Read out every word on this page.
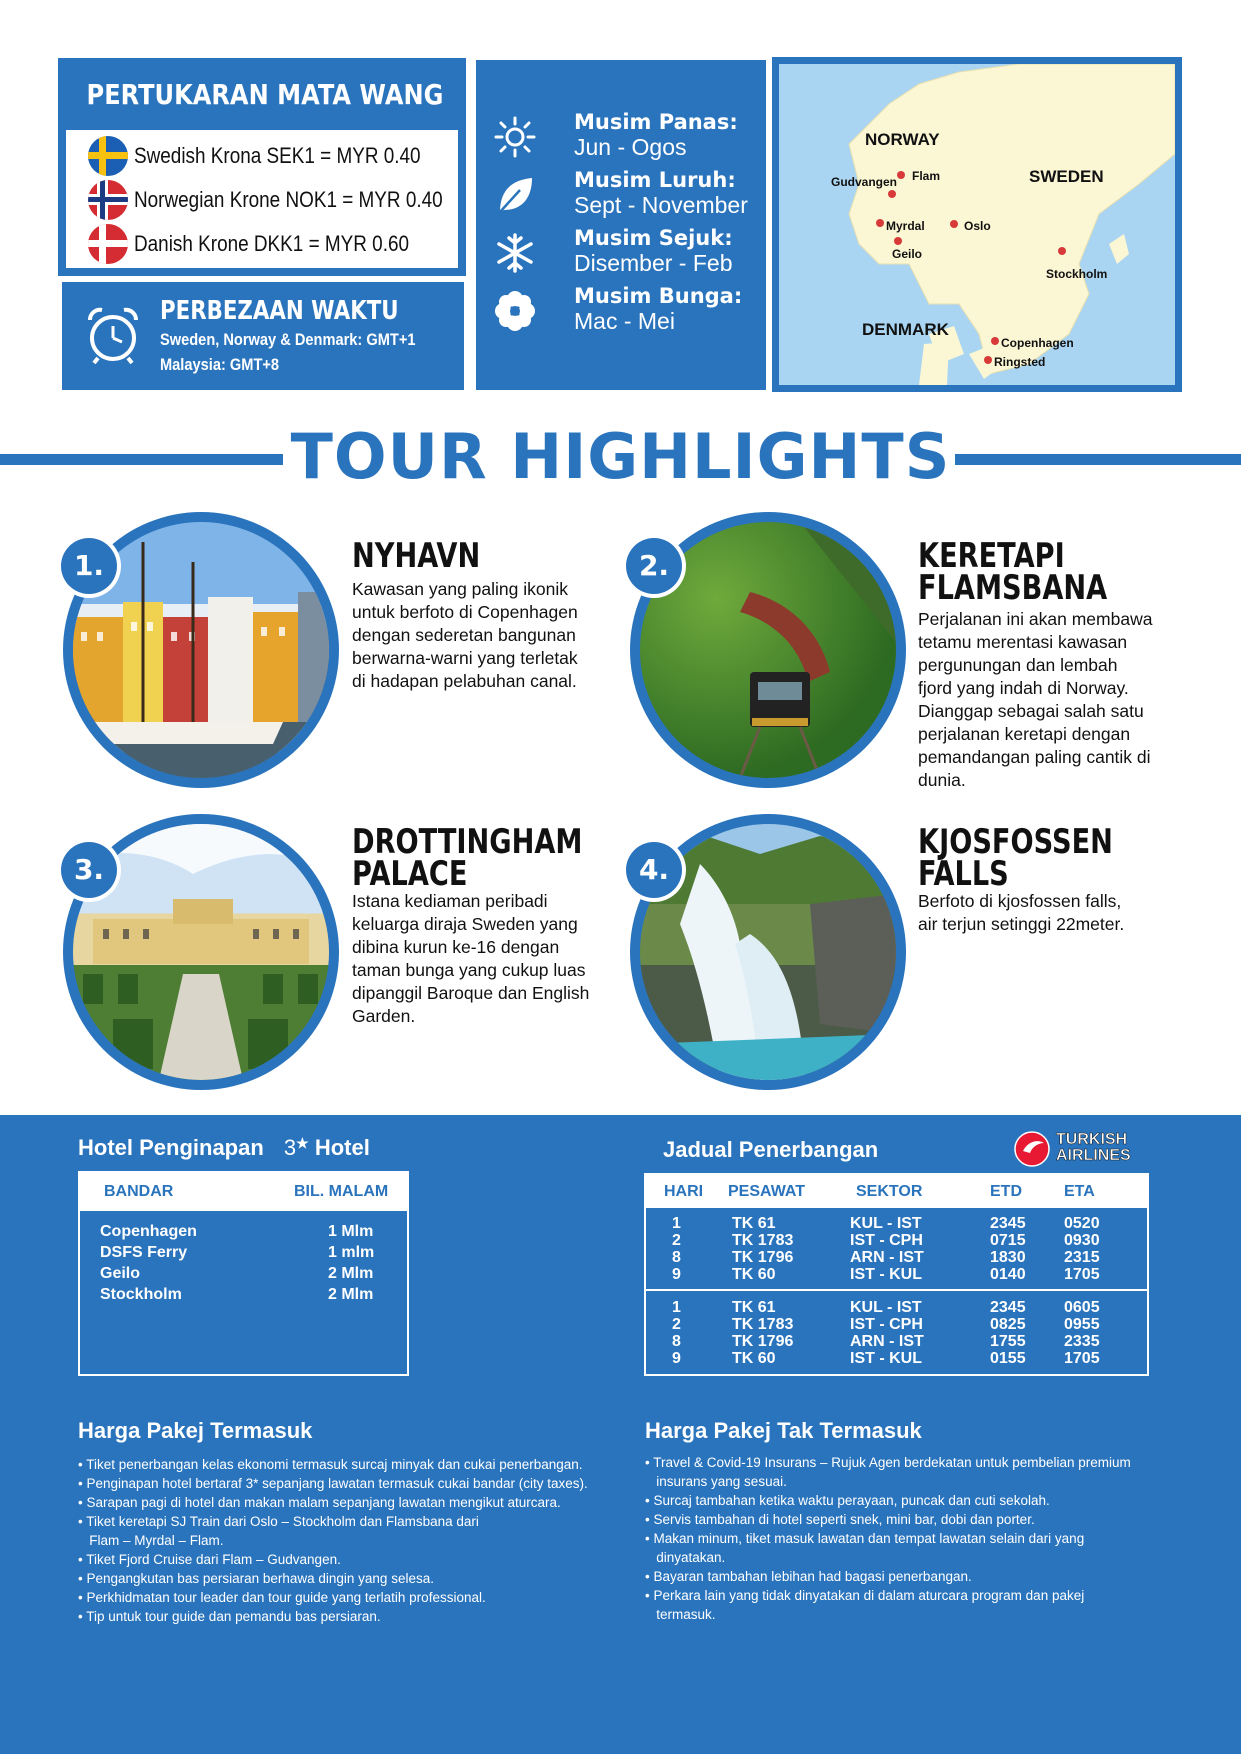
PERTUKARAN MATA WANG
Swedish Krona SEK1 = MYR 0.40
Norwegian Krone NOK1 = MYR 0.40
Danish Krone DKK1 = MYR 0.60
PERBEZAAN WAKTU
Sweden, Norway & Denmark: GMT+1
Malaysia: GMT+8
Musim Panas:
Jun - Ogos
Musim Luruh:
Sept - November
Musim Sejuk:
Disember - Feb
Musim Bunga:
Mac - Mei
NORWAY
SWEDEN
DENMARK
Gudvangen Flam
Myrdal	Oslo
Geilo
Stockholm
Copenhagen
Ringsted
TOUR HIGHLIGHTS
1.	NYHAVN
Kawasan yang paling ikonik
untuk berfoto di Copenhagen
dengan sederetan bangunan
berwarna-warni yang terletak
di hadapan pelabuhan canal.
2.	KERETAPI FLAMSBANA
Perjalanan ini akan membawa
tetamu merentasi kawasan
pergunungan dan lembah
fjord yang indah di Norway.
Dianggap sebagai salah satu
perjalanan keretapi dengan
pemandangan paling cantik di
dunia.
3.
DROTTINGHAM PALACE
Istana kediaman peribadi
keluarga diraja Sweden yang
dibina kurun ke-16 dengan
taman bunga yang cukup luas
dipanggil Baroque dan English
Garden.
4.
KJOSFOSSEN FALLS
Berfoto di kjosfossen falls,
air terjun setinggi 22meter.
Hotel Penginapan 3★ Hotel
BANDAR	BIL. MALAM
Copenhagen	1 Mlm
DSFS Ferry	1 mlm
Geilo	2 Mlm
Stockholm	2 Mlm
Jadual Penerbangan	TURKISH
AIRLINES
HARI PESAWAT	SEKTOR	ETD	ETA
1	TK 61	KUL - IST	2345 0520
2	TK 1783	IST - CPH	0715 0930
8	TK 1796	ARN - IST	1830 2315
9	TK 60	IST - KUL	0140 1705
1	TK 61	KUL - IST	2345 0605
2	TK 1783	IST - CPH	0825 0955
8	TK 1796	ARN - IST	1755 2335
9	TK 60	IST - KUL	0155 1705
Harga Pakej Termasuk
• Tiket penerbangan kelas ekonomi termasuk surcaj minyak dan cukai penerbangan.
• Penginapan hotel bertaraf 3* sepanjang lawatan termasuk cukai bandar (city taxes).
• Sarapan pagi di hotel dan makan malam sepanjang lawatan mengikut aturcara.
• Tiket keretapi SJ Train dari Oslo – Stockholm dan Flamsbana dari
Flam – Myrdal – Flam.
• Tiket Fjord Cruise dari Flam – Gudvangen.
• Pengangkutan bas persiaran berhawa dingin yang selesa.
• Perkhidmatan tour leader dan tour guide yang terlatih professional.
• Tip untuk tour guide dan pemandu bas persiaran.
Harga Pakej Tak Termasuk
• Travel & Covid-19 Insurans – Rujuk Agen berdekatan untuk pembelian premium
insurans yang sesuai.
• Surcaj tambahan ketika waktu perayaan, puncak dan cuti sekolah.
• Servis tambahan di hotel seperti snek, mini bar, dobi dan porter.
• Makan minum, tiket masuk lawatan dan tempat lawatan selain dari yang
dinyatakan.
• Bayaran tambahan lebihan had bagasi penerbangan.
• Perkara lain yang tidak dinyatakan di dalam aturcara program dan pakej
termasuk.
